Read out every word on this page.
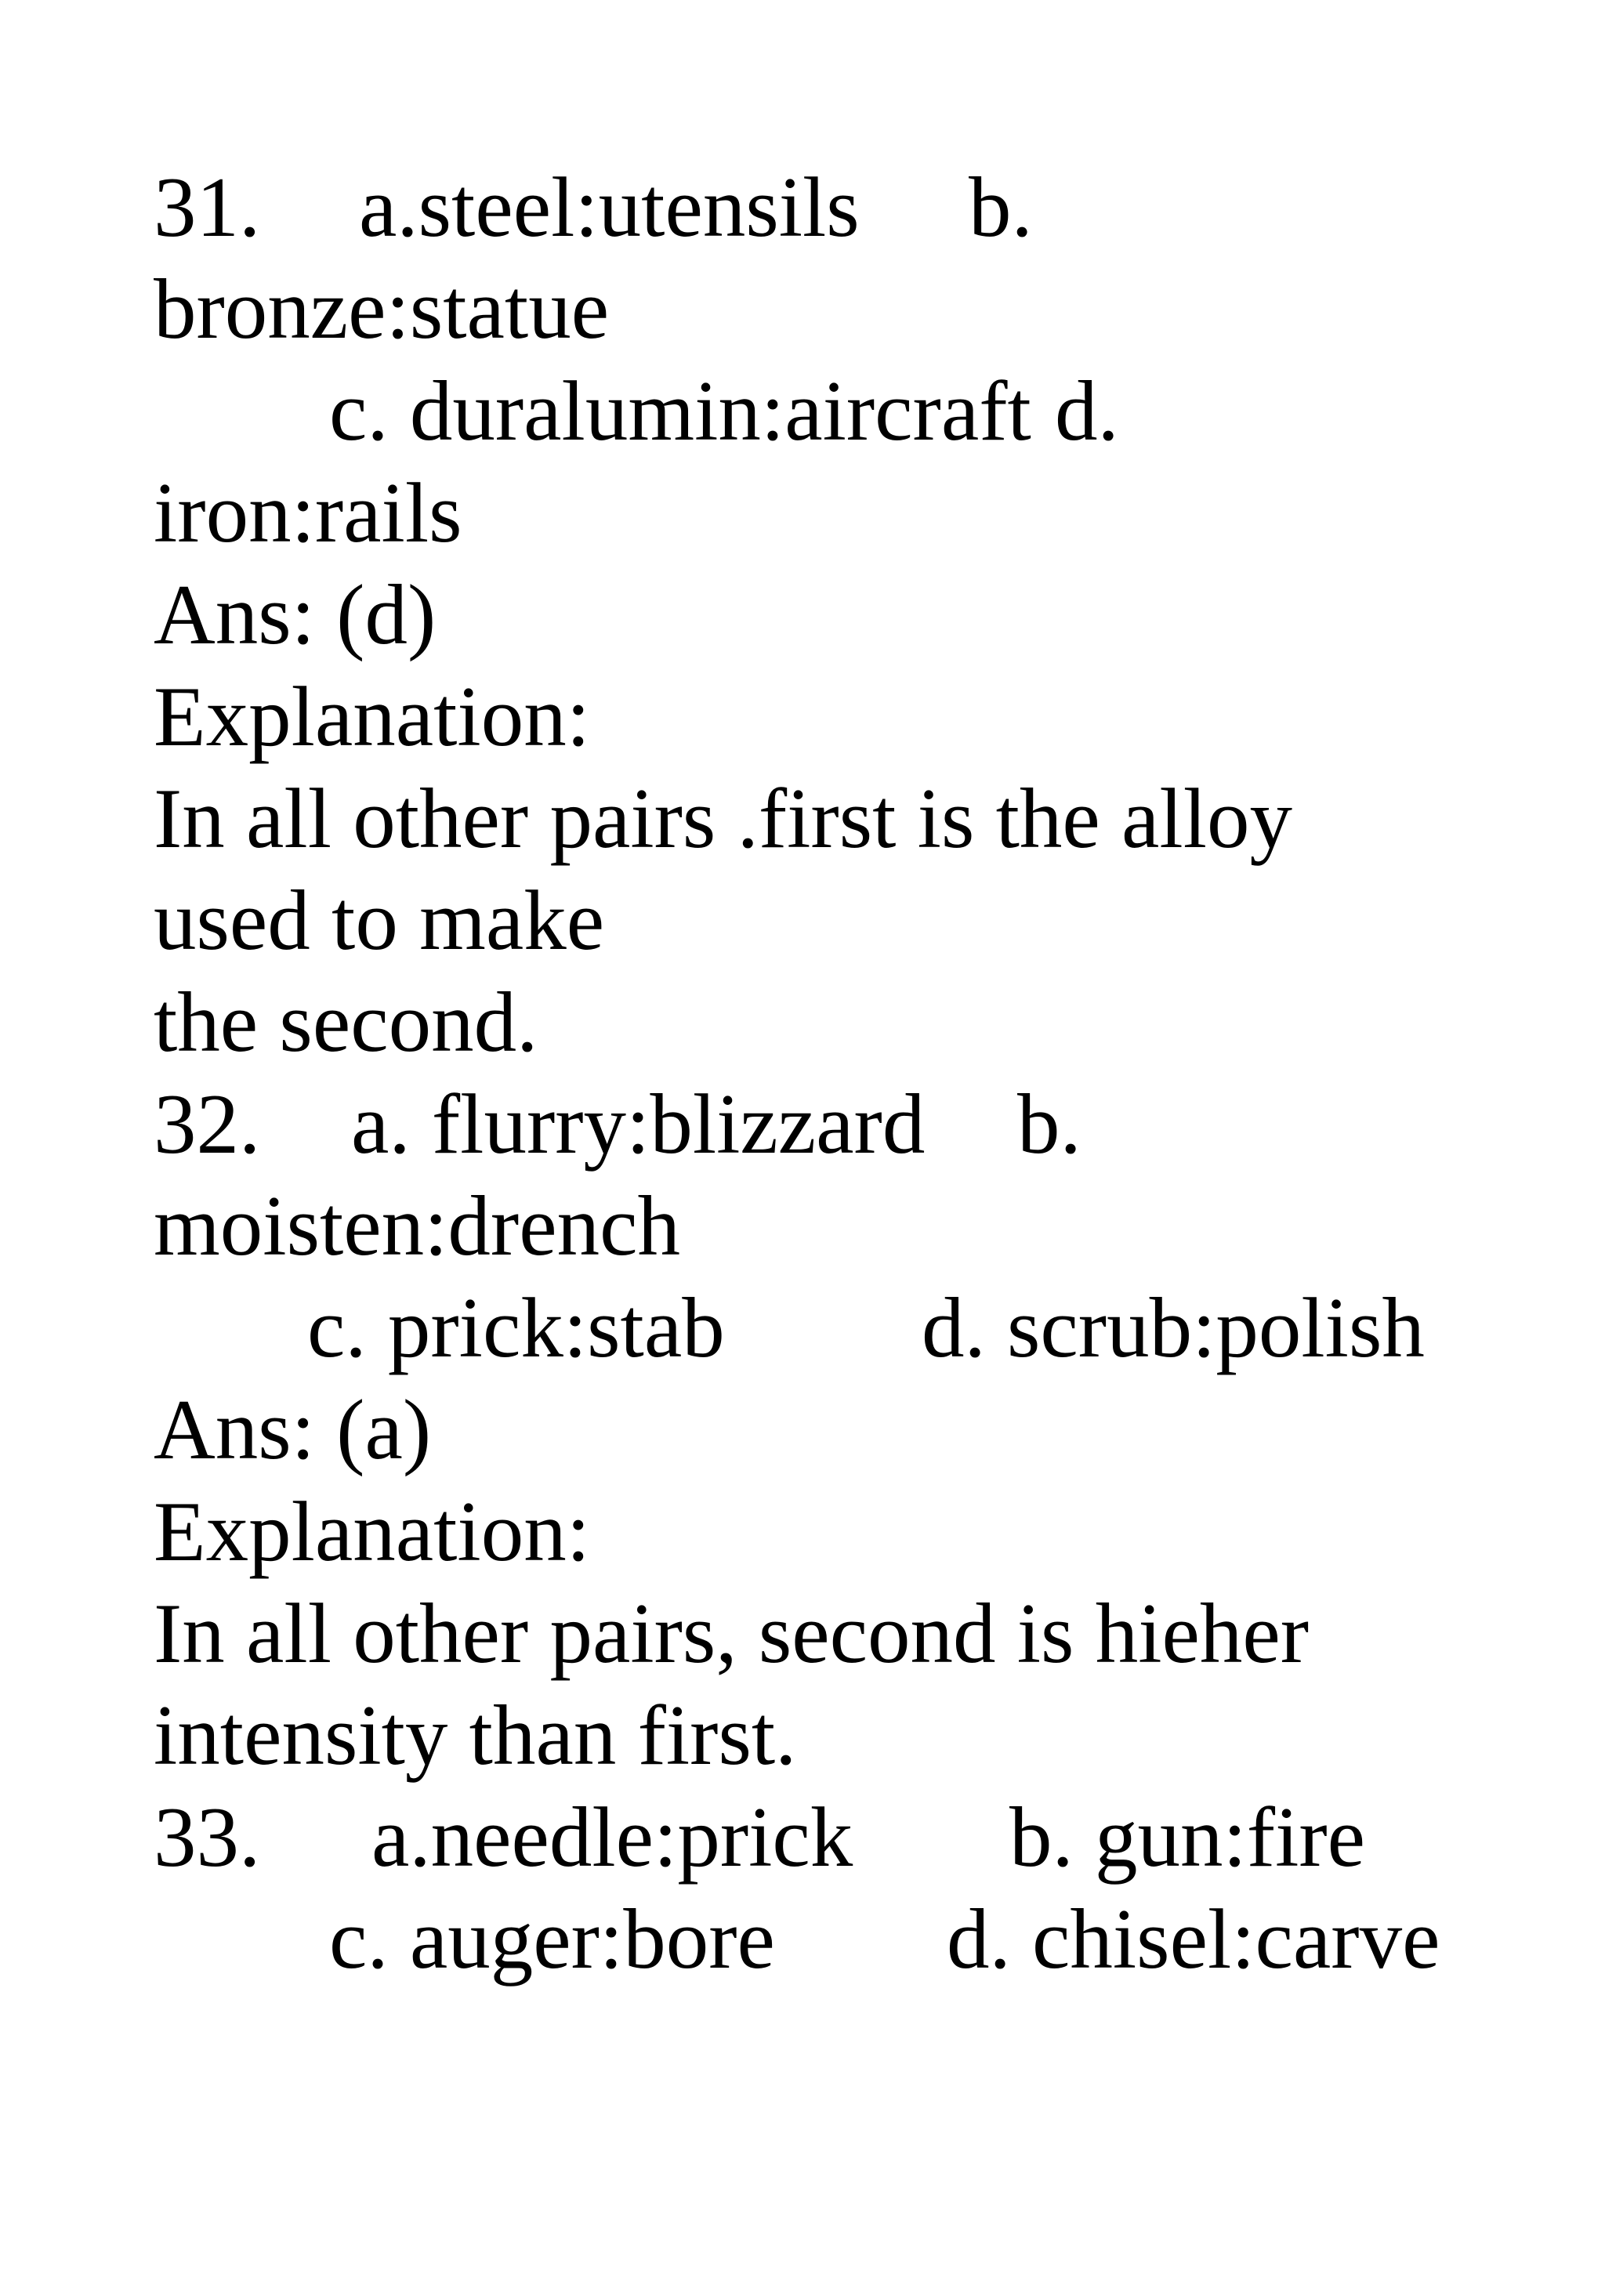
31.

a.steel:utensils

b.

bronze:statue

c. duralumin:aircraft

d.

iron:rails

Ans: (d)
Explanation:
In all other pairs .first is the alloy
used to make
the second.

32.

a. flurry:blizzard

b.

moisten:drench

c. prick:stab

d. scrub:polish

Ans: (a)
Explanation:
In all other pairs, second is hieher
intensity than first.

33.

a.needle:prick

b. gun:fire

c. auger:bore

d. chisel:carve
